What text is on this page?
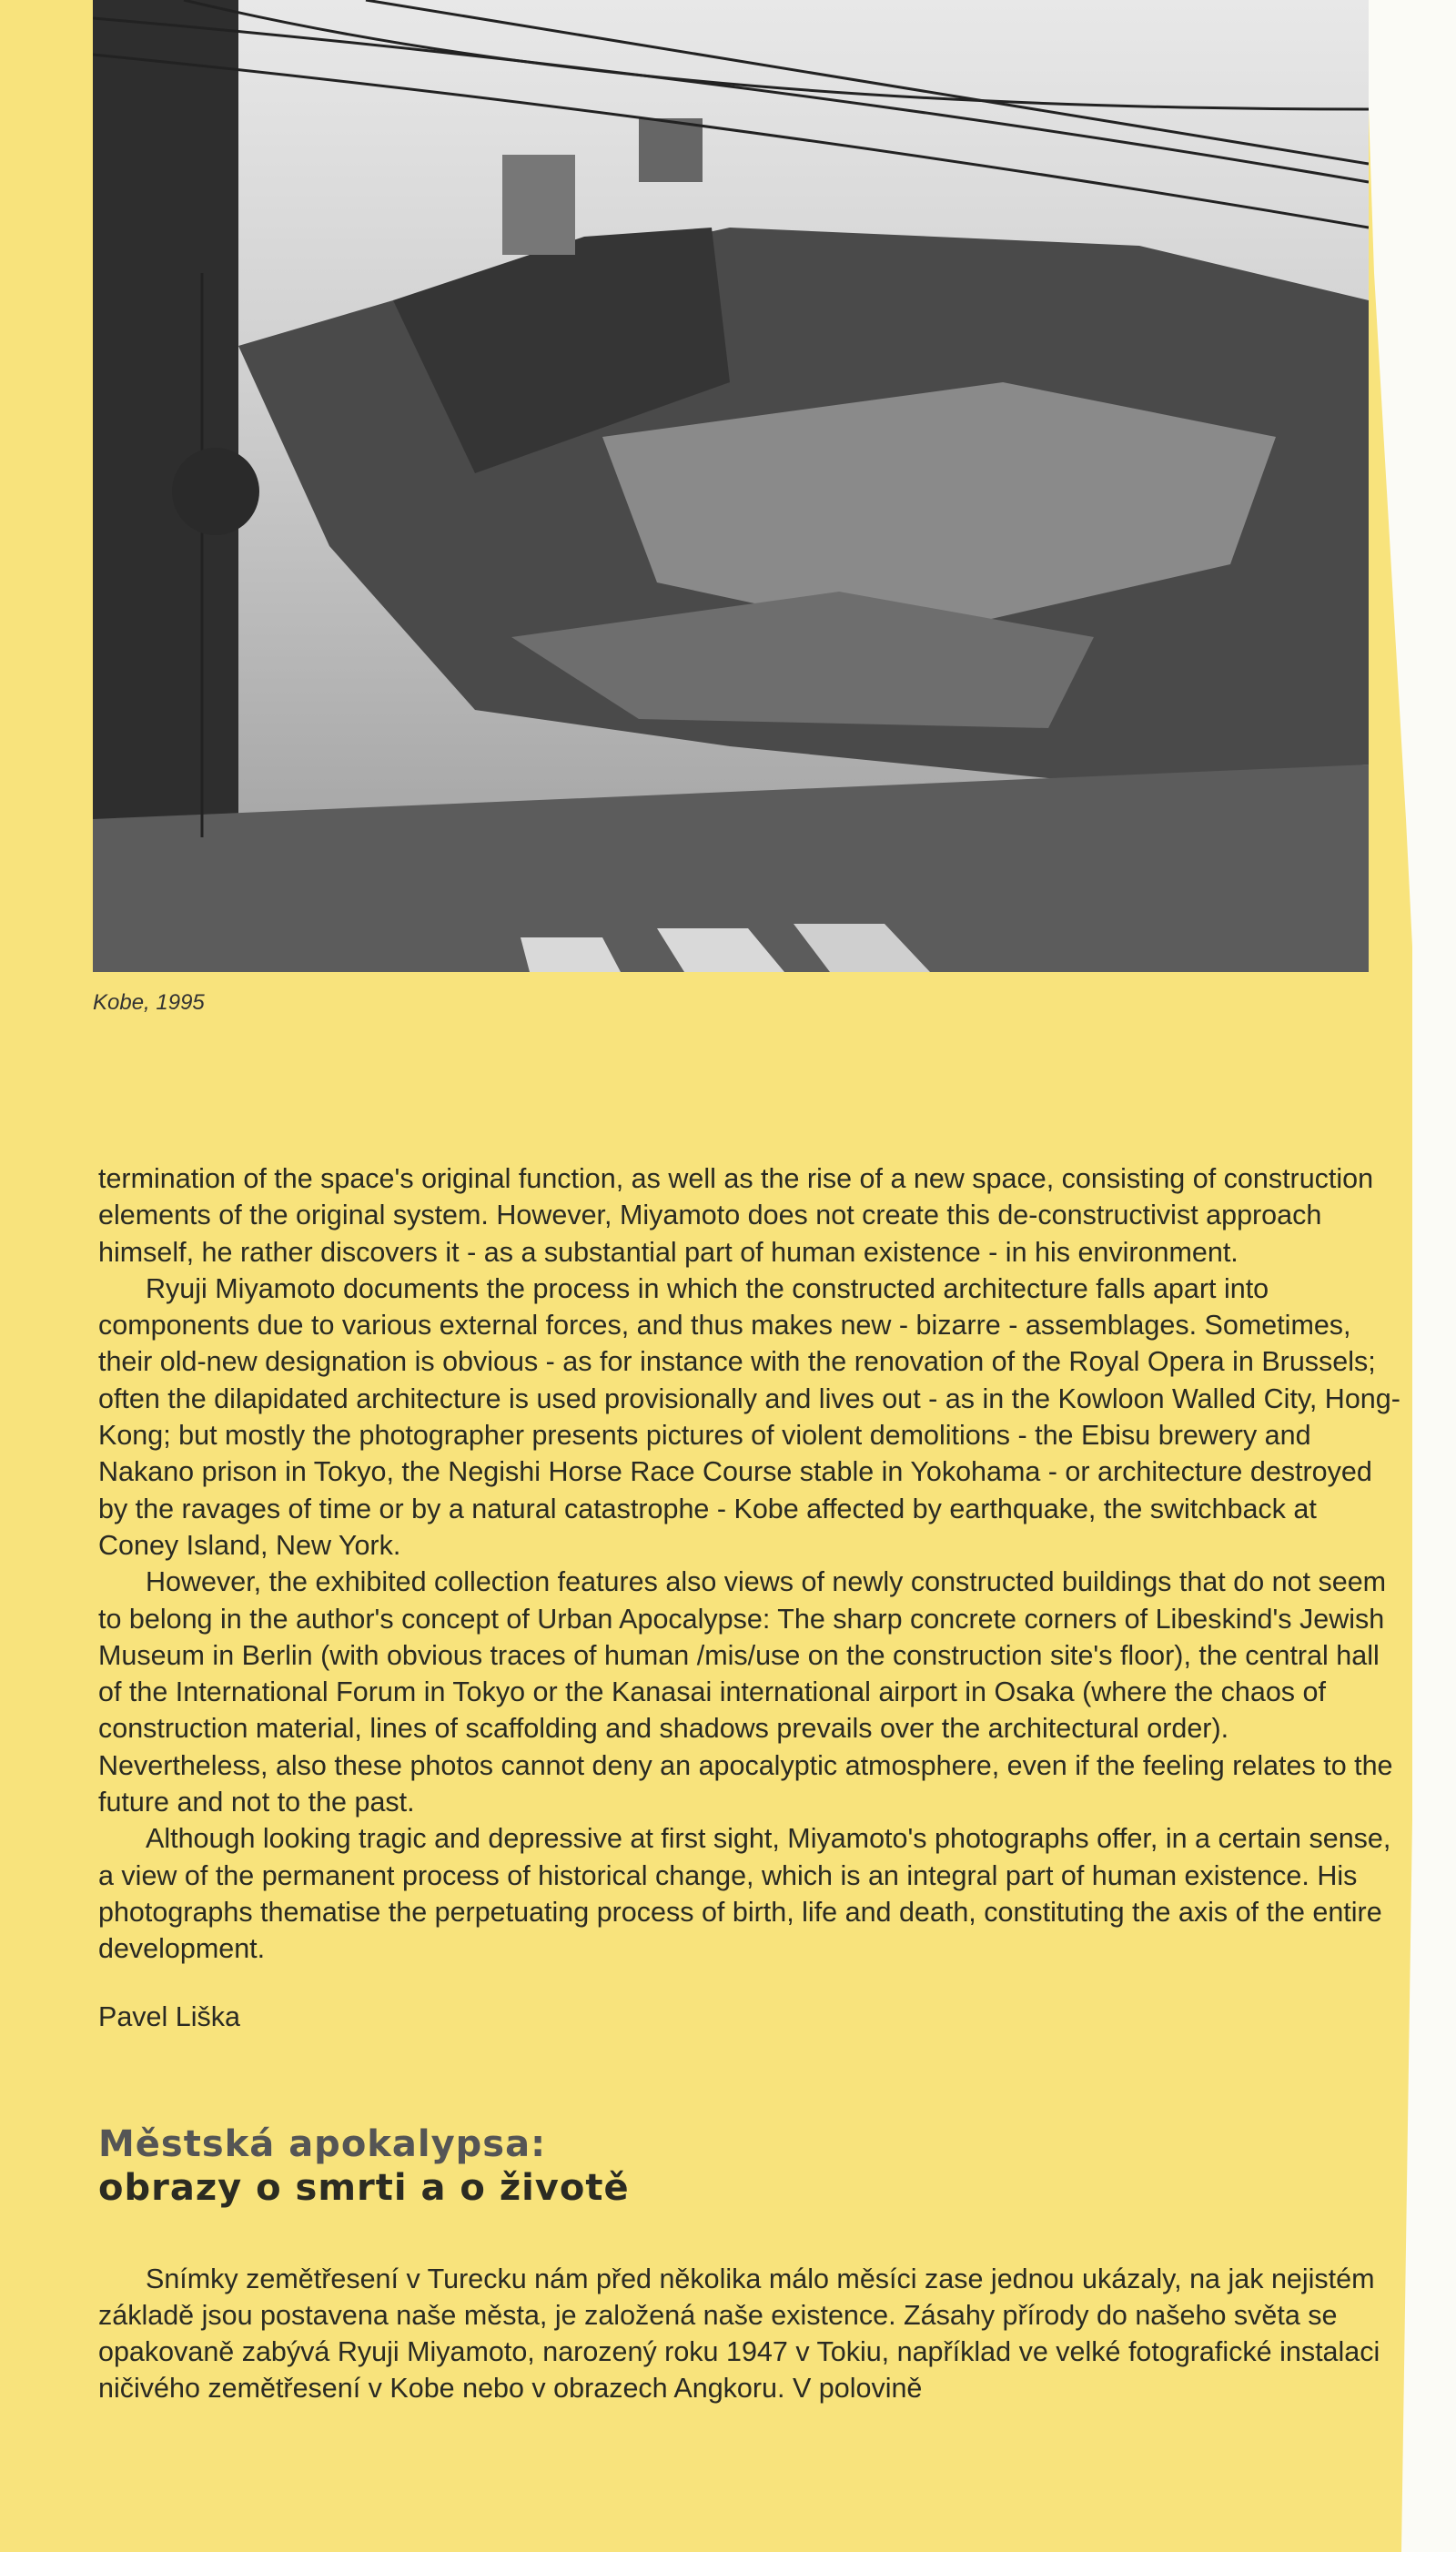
Kobe, 1995

termination of the space's original function, as well as the rise of a new space, consisting of construction elements of the original system. However, Miyamoto does not create this de-constructivist approach himself, he rather discovers it - as a substantial part of human existence - in his environment.

Ryuji Miyamoto documents the process in which the constructed architecture falls apart into components due to various external forces, and thus makes new - bizarre - assemblages. Sometimes, their old-new designation is obvious - as for instance with the renovation of the Royal Opera in Brussels; often the dilapidated architecture is used provisionally and lives out - as in the Kowloon Walled City, Hong-Kong; but mostly the photographer presents pictures of violent demolitions - the Ebisu brewery and Nakano prison in Tokyo, the Negishi Horse Race Course stable in Yokohama - or architecture destroyed by the ravages of time or by a natural catastrophe - Kobe affected by earthquake, the switchback at Coney Island, New York.

However, the exhibited collection features also views of newly constructed buildings that do not seem to belong in the author's concept of Urban Apocalypse: The sharp concrete corners of Libeskind's Jewish Museum in Berlin (with obvious traces of human /mis/use on the construction site's floor), the central hall of the International Forum in Tokyo or the Kanasai international airport in Osaka (where the chaos of construction material, lines of scaffolding and shadows prevails over the architectural order). Nevertheless, also these photos cannot deny an apocalyptic atmosphere, even if the feeling relates to the future and not to the past.

Although looking tragic and depressive at first sight, Miyamoto's photographs offer, in a certain sense, a view of the permanent process of historical change, which is an integral part of human existence. His photographs thematise the perpetuating process of birth, life and death, constituting the axis of the entire development.

Pavel Liška
Městská apokalypsa:
obrazy o smrti a o životě

Snímky zemětřesení v Turecku nám před několika málo měsíci zase jednou ukázaly, na jak nejistém základě jsou postavena naše města, je založená naše existence. Zásahy přírody do našeho světa se opakovaně zabývá Ryuji Miyamoto, narozený roku 1947 v Tokiu, například ve velké fotografické instalaci ničivého zemětřesení v Kobe nebo v obrazech Angkoru. V polovině
